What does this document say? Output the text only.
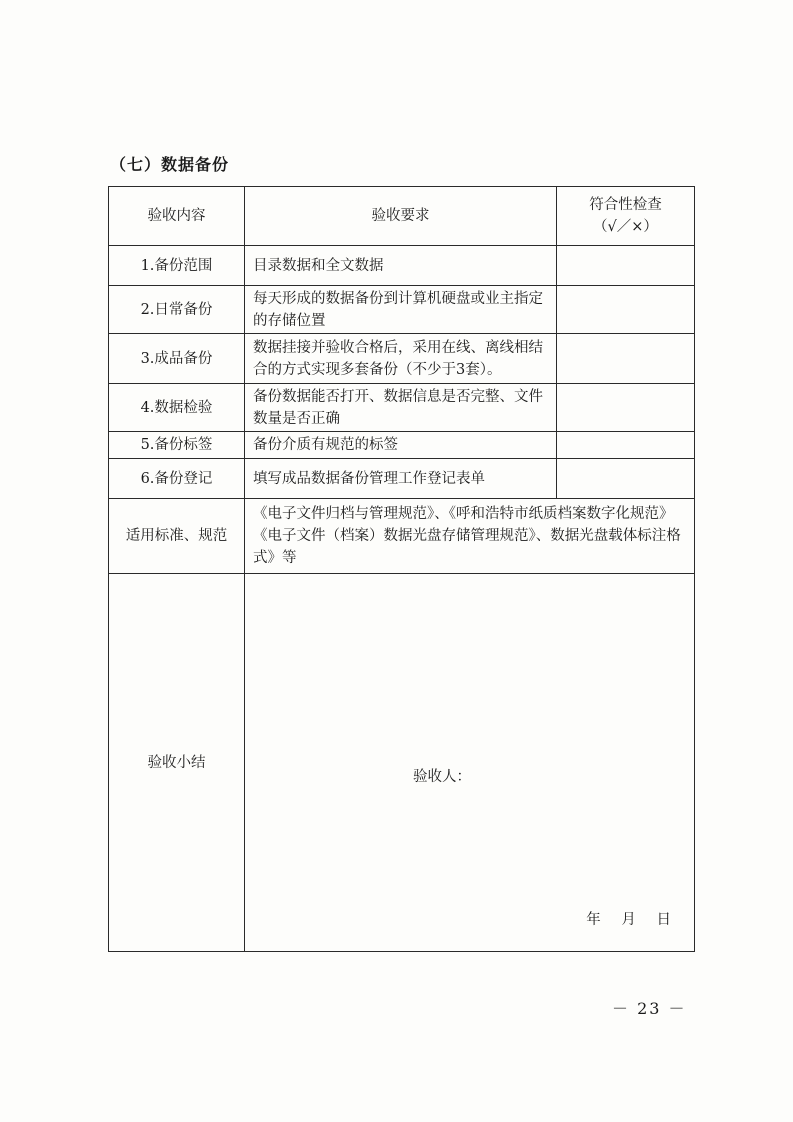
（七）数据备份
验收内容	验收要求	符合性检查
（√／×）

1.备份范围	目录数据和全文数据	
2.日常备份	每天形成的数据备份到计算机硬盘或业主指定的存储位置	
3.成品备份	数据挂接并验收合格后，采用在线、离线相结合的方式实现多套备份（不少于3套）。	
4.数据检验	备份数据能否打开、数据信息是否完整、文件数量是否正确	
5.备份标签	备份介质有规范的标签	
6.备份登记	填写成品数据备份管理工作登记表单	
适用标准、规范	《电子文件归档与管理规范》、《呼和浩特市纸质档案数字化规范》《电子文件（档案）数据光盘存储管理规范》、数据光盘载体标注格式》等	
验收小结	验收人：
年 月 日	
－ 23 －
